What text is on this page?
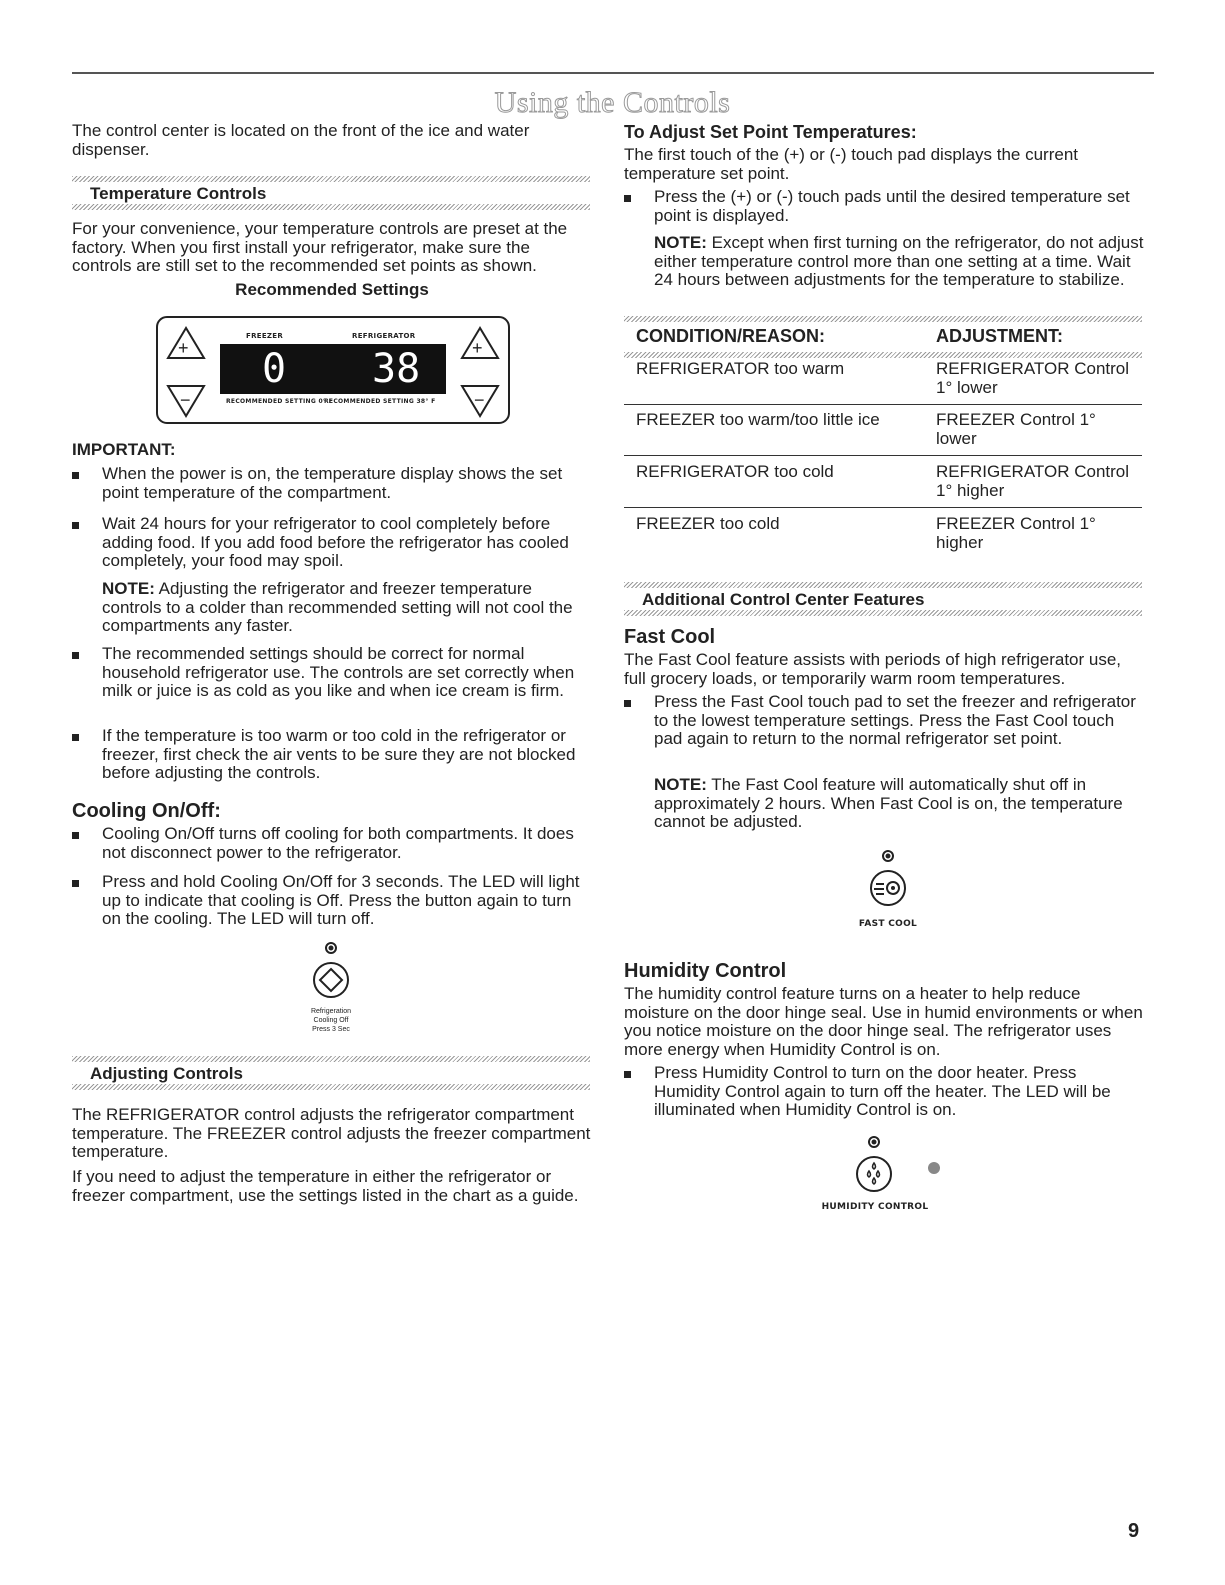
Using the Controls
The control center is located on the front of the ice and water dispenser.
Temperature Controls
For your convenience, your temperature controls are preset at the factory. When you first install your refrigerator, make sure the controls are still set to the recommended set points as shown.
Recommended Settings
+
−
+
−
FREEZER	REFRIGERATOR
0 38
RECOMMENDED SETTING 0° F
RECOMMENDED SETTING 38° F
IMPORTANT:
When the power is on, the temperature display shows the set point temperature of the compartment.
Wait 24 hours for your refrigerator to cool completely before adding food. If you add food before the refrigerator has cooled completely, your food may spoil.
NOTE: Adjusting the refrigerator and freezer temperature controls to a colder than recommended setting will not cool the compartments any faster.
The recommended settings should be correct for normal household refrigerator use. The controls are set correctly when milk or juice is as cold as you like and when ice cream is firm.
If the temperature is too warm or too cold in the refrigerator or freezer, first check the air vents to be sure they are not blocked before adjusting the controls.
Cooling On/Off:
Cooling On/Off turns off cooling for both compartments. It does not disconnect power to the refrigerator.
Press and hold Cooling On/Off for 3 seconds. The LED will light up to indicate that cooling is Off. Press the button again to turn on the cooling. The LED will turn off.
Refrigeration
Cooling Off
Press 3 Sec
Adjusting Controls
The REFRIGERATOR control adjusts the refrigerator compartment temperature. The FREEZER control adjusts the freezer compartment temperature.
If you need to adjust the temperature in either the refrigerator or freezer compartment, use the settings listed in the chart as a guide.
To Adjust Set Point Temperatures:
The first touch of the (+) or (-) touch pad displays the current temperature set point.
Press the (+) or (-) touch pads until the desired temperature set point is displayed.
NOTE: Except when first turning on the refrigerator, do not adjust either temperature control more than one setting at a time. Wait 24 hours between adjustments for the temperature to stabilize.
CONDITION/REASON:	ADJUSTMENT:
REFRIGERATOR too warm	REFRIGERATOR Control 1° lower
FREEZER too warm/too little ice	FREEZER Control 1° lower
REFRIGERATOR too cold	REFRIGERATOR Control 1° higher
FREEZER too cold	FREEZER Control 1° higher
Additional Control Center Features
Fast Cool
The Fast Cool feature assists with periods of high refrigerator use, full grocery loads, or temporarily warm room temperatures.
Press the Fast Cool touch pad to set the freezer and refrigerator to the lowest temperature settings. Press the Fast Cool touch pad again to return to the normal refrigerator set point.
NOTE: The Fast Cool feature will automatically shut off in approximately 2 hours. When Fast Cool is on, the temperature cannot be adjusted.
FAST COOL
Humidity Control
The humidity control feature turns on a heater to help reduce moisture on the door hinge seal. Use in humid environments or when you notice moisture on the door hinge seal. The refrigerator uses more energy when Humidity Control is on.
Press Humidity Control to turn on the door heater. Press Humidity Control again to turn off the heater. The LED will be illuminated when Humidity Control is on.
HUMIDITY CONTROL
9
